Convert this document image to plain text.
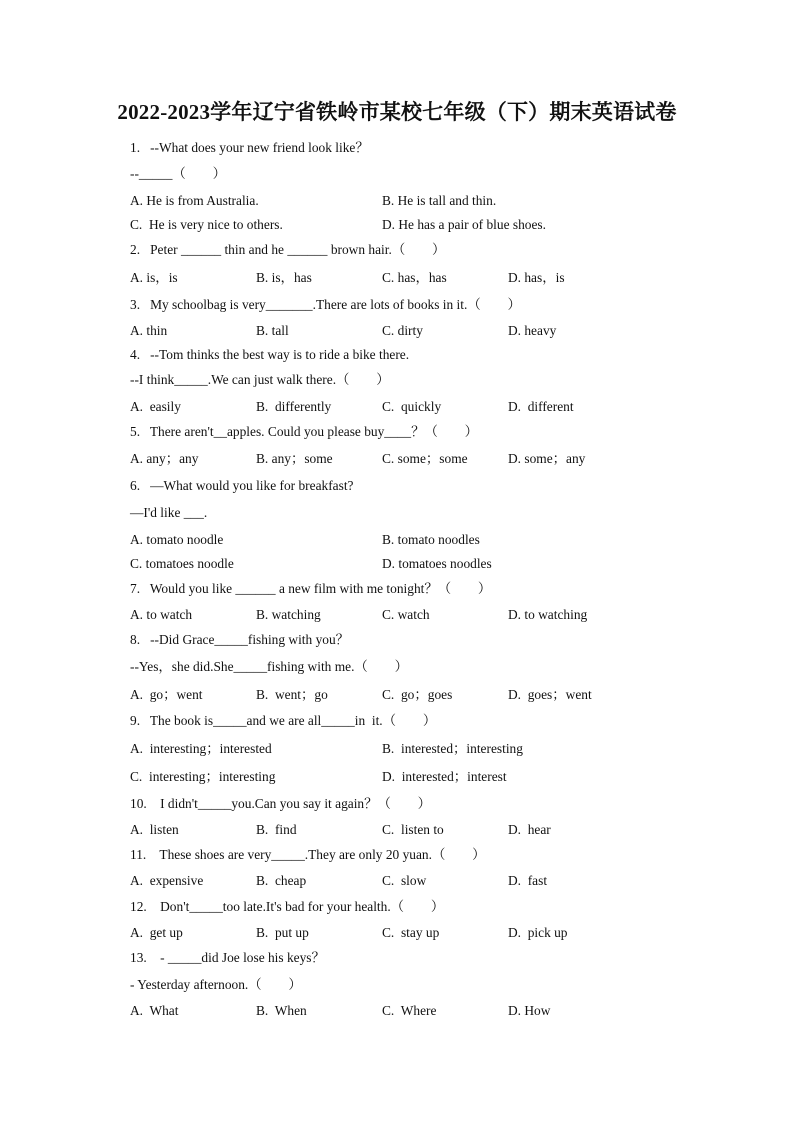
2022-2023学年辽宁省铁岭市某校七年级（下）期末英语试卷
1.   --What does your new friend look like？
--_____（        ）
A. He is from Australia.	B. He is tall and thin.
C.  He is very nice to others.	D. He has a pair of blue shoes.
2.   Peter ______ thin and he ______ brown hair.（        ）
A. is，is	B. is，has	C. has，has	D. has，is
3.   My schoolbag is very_______.There are lots of books in it.（        ）
A. thin	B. tall	C. dirty	D. heavy
4.   --Tom thinks the best way is to ride a bike there.
--I think_____.We can just walk there.（        ）
A.  easily	B.  differently	C.  quickly	D.  different
5.   There aren't__apples. Could you please buy____？（        ）
A. any；any	B. any；some	C. some；some	D. some；any
6.   —What would you like for breakfast?
—I'd like ___.
A. tomato noodle	B. tomato noodles
C. tomatoes noodle	D. tomatoes noodles
7.   Would you like ______ a new film with me tonight？（        ）
A. to watch	B. watching	C. watch	D. to watching
8.   --Did Grace_____fishing with you？
--Yes，she did.She_____fishing with me.（        ）
A.  go；went	B.  went；go	C.  go；goes	D.  goes；went
9.   The book is_____and we are all_____in  it.（        ）
A.  interesting；interested	B.  interested；interesting
C.  interesting；interesting	D.  interested；interest
10.    I didn't_____you.Can you say it again？（        ）
A.  listen	B.  find	C.  listen to	D.  hear
11.    These shoes are very_____.They are only 20 yuan.（        ）
A.  expensive	B.  cheap	C.  slow	D.  fast
12.    Don't_____too late.It's bad for your health.（        ）
A.  get up	B.  put up	C.  stay up	D.  pick up
13.    - _____did Joe lose his keys？
- Yesterday afternoon.（        ）
A.  What	B.  When	C.  Where	D. How
